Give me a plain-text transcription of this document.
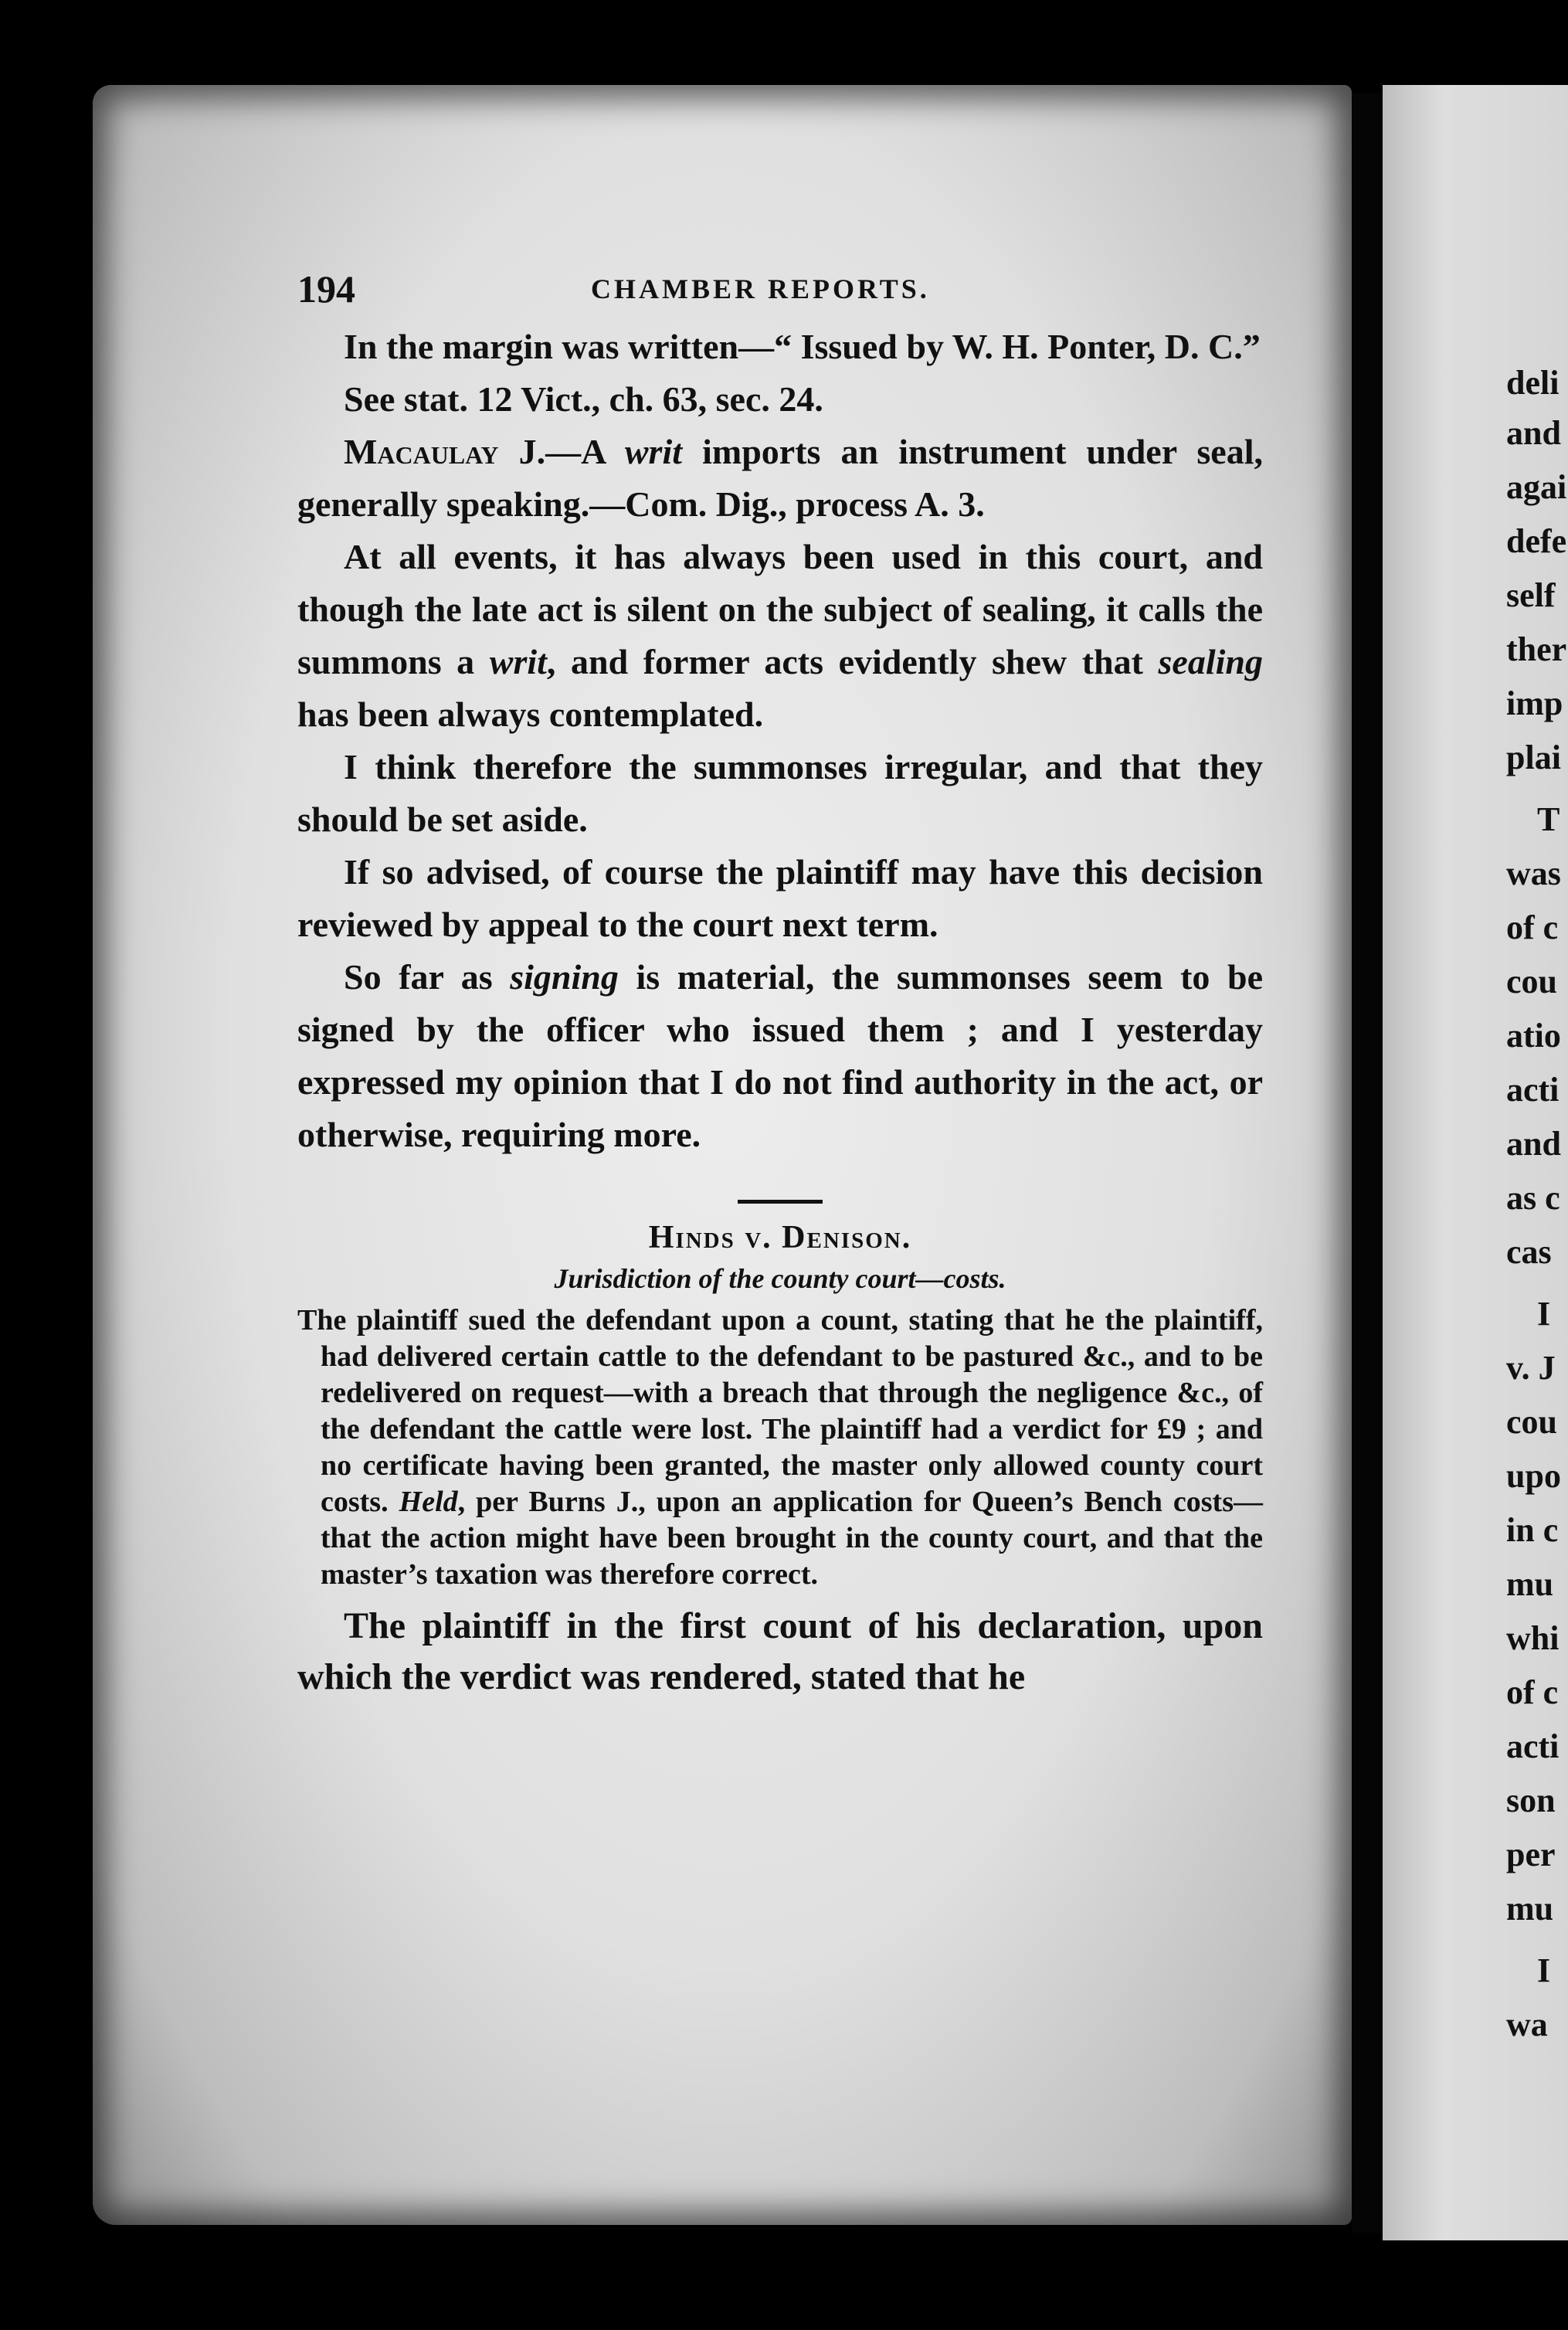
deli
and
agai
defe
self
ther
imp
plai
T
was
of c
cou
atio
acti
and
as c
cas
I
v. J
cou
upo
in c
mu
whi
of c
acti
son
per
mu
I
wa
194	CHAMBER REPORTS.

In the margin was written—“ Issued by W. H. Ponter, D. C.”

See stat. 12 Vict., ch. 63, sec. 24.

Macaulay J.—A writ imports an instrument under seal, generally speaking.—Com. Dig., process A. 3.

At all events, it has always been used in this court, and though the late act is silent on the subject of sealing, it calls the summons a writ, and former acts evidently shew that sealing has been always contemplated.

I think therefore the summonses irregular, and that they should be set aside.

If so advised, of course the plaintiff may have this decision reviewed by appeal to the court next term.

So far as signing is material, the summonses seem to be signed by the officer who issued them ; and I yesterday expressed my opinion that I do not find authority in the act, or otherwise, requiring more.

Hinds v. Denison.

Jurisdiction of the county court—costs.

The plaintiff sued the defendant upon a count, stating that he the plaintiff, had delivered certain cattle to the defendant to be pastured &c., and to be redelivered on request—with a breach that through the negligence &c., of the defendant the cattle were lost. The plaintiff had a verdict for £9 ; and no certificate having been granted, the master only allowed county court costs. Held, per Burns J., upon an application for Queen’s Bench costs—that the action might have been brought in the county court, and that the master’s taxation was therefore correct.

The plaintiff in the first count of his declaration, upon which the verdict was rendered, stated that he
